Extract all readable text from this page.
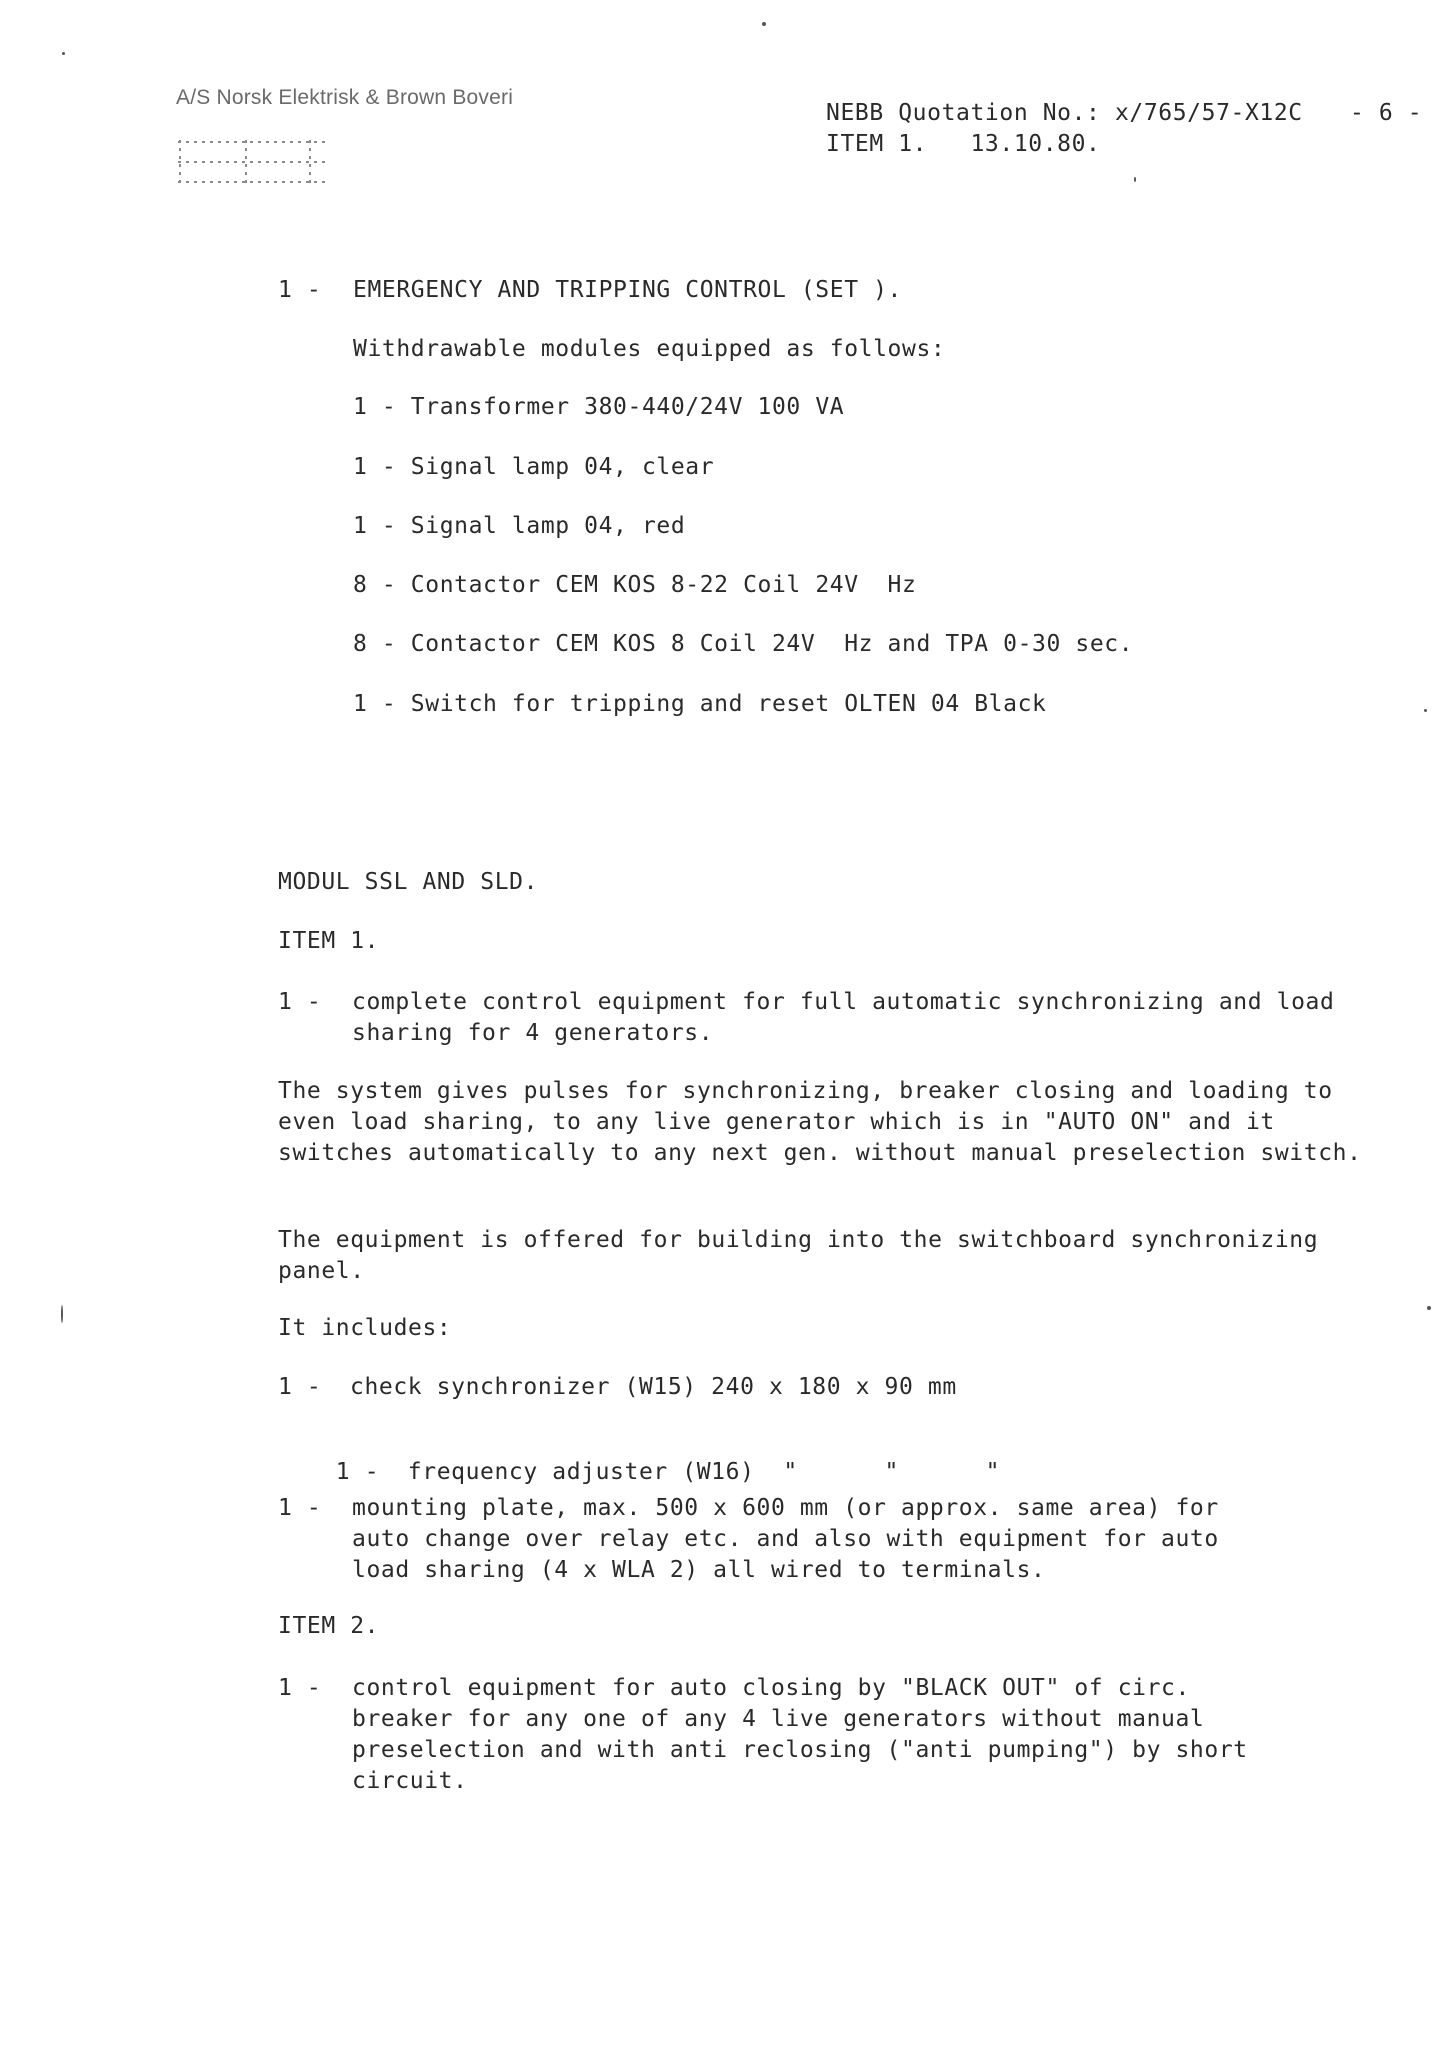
A/S Norsk Elektrisk & Brown Boveri
NEBB Quotation No.: x/765/57-X12C - 6 -
ITEM 1.   13.10.80.
1 - EMERGENCY AND TRIPPING CONTROL (SET ).
Withdrawable modules equipped as follows:
1 - Transformer 380-440/24V 100 VA
1 - Signal lamp 04, clear
1 - Signal lamp 04, red
8 - Contactor CEM KOS 8-22 Coil 24V  Hz
8 - Contactor CEM KOS 8 Coil 24V  Hz and TPA 0-30 sec.
1 - Switch for tripping and reset OLTEN 04 Black
MODUL SSL AND SLD.
ITEM 1.
1 - complete control equipment for full automatic synchronizing and load sharing for 4 generators.
The system gives pulses for synchronizing, breaker closing and loading to even load sharing, to any live generator which is in "AUTO ON" and it switches automatically to any next gen. without manual preselection switch.
The equipment is offered for building into the switchboard synchronizing panel.
It includes:
1 - check synchronizer (W15) 240 x 180 x 90 mm

1 - frequency adjuster (W16)  "      "      "

1 - mounting plate, max. 500 x 600 mm (or approx. same area) for auto change over relay etc. and also with equipment for auto load sharing (4 x WLA 2) all wired to terminals.
ITEM 2.
1 - control equipment for auto closing by "BLACK OUT" of circ. breaker for any one of any 4 live generators without manual preselection and with anti reclosing ("anti pumping") by short circuit.
